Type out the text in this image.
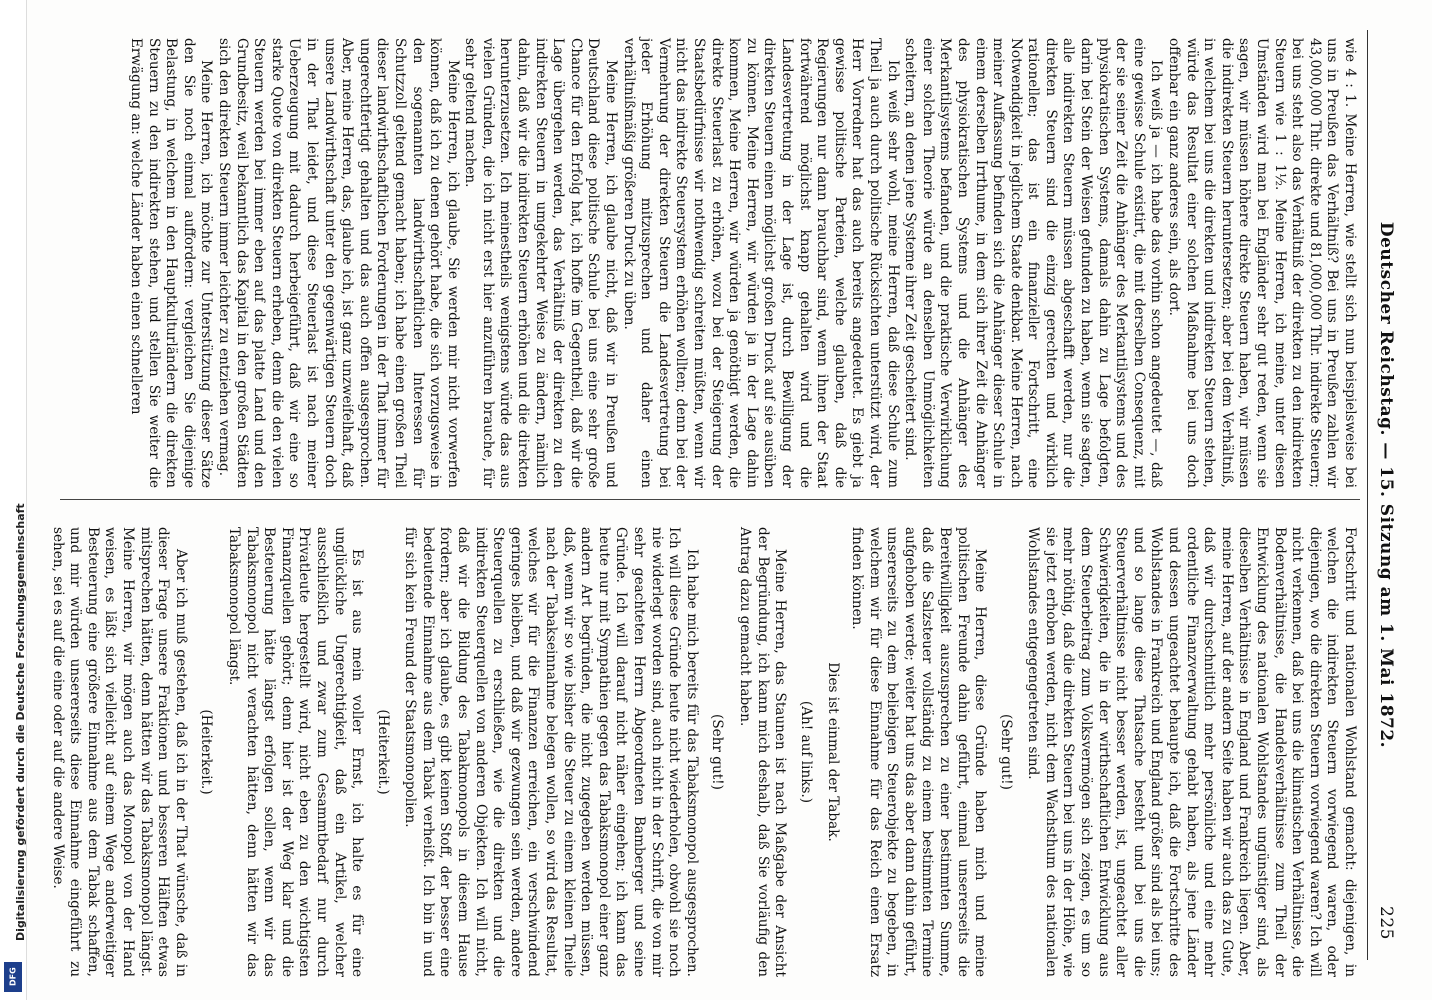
Deutscher Reichstag. — 15. Sitzung am 1. Mai 1872.
225

wie 4 : 1. Meine Herren, wie stellt sich nun beispielsweise bei uns in Preußen das Verhältniß? Bei uns in Preußen zahlen wir 43,000,000 Thlr. direkte und 81,000,000 Thlr. indirekte Steuern; bei uns steht also das Verhältniß der direkten zu den indirekten Steuern wie 1 : 1½. Meine Herren, ich meine, unter diesen Umständen wird man bei Engländer sehr gut reden, wenn sie sagen, wir müssen höhere direkte Steuern haben, wir müssen die indirekten Steuern heruntersetzen; aber bei dem Verhältniß, in welchem bei uns die direkten und indirekten Steuern stehen, würde das Resultat einer solchen Maßnahme bei uns doch offenbar ein ganz anderes sein, als dort.

Ich weiß ja — ich habe das vorhin schon angedeutet —, daß eine gewisse Schule existirt, die mit derselben Consequenz, mit der sie seiner Zeit die Anhänger des Merkantilsystems und des physiokratischen Systems, damals dahin zu Lage befolgten, darin bei Stein der Weisen gefunden zu haben, wenn sie sagten, alle indirekten Steuern müssen abgeschafft werden, nur die direkten Steuern sind die einzig gerechten und wirklich rationellen; das ist ein finanzieller Fortschritt, eine Notwendigkeit in jeglichem Staate denkbar. Meine Herren, nach meiner Auffassung befinden sich die Anhänger dieser Schule in einem derselben Irrthume, in dem sich ihrer Zeit die Anhänger des physiokratischen Systems und die Anhänger des Merkantilsystems befanden, und die praktische Verwirklichung einer solchen Theorie würde an denselben Unmöglichkeiten scheitern, an denen jene Systeme ihrer Zeit gescheitert sind.

Ich weiß sehr wohl, meine Herren, daß diese Schule zum Theil ja auch durch politische Rücksichten unterstützt wird, der Herr Vorredner hat das auch bereits angedeutet. Es giebt ja gewisse politische Parteien, welche glauben, daß die Regierungen nur dann brauchbar sind, wenn ihnen der Staat fortwährend möglichst knapp gehalten wird und die Landesvertretung in der Lage ist, durch Bewilligung der direkten Steuern einen möglichst großen Druck auf sie ausüben zu können. Meine Herren, wir würden ja in der Lage dahin kommen, Meine Herren, wir würden ja genöthigt werden, die direkte Steuerlast zu erhöhen, wozu bei der Steigerung der Staatsbedürfnisse wir nothwendig schreiten müßten, wenn wir nicht das indirekte Steuersystem erhöhen wollten; denn bei der Vermehrung der direkten Steuern die Landesvertretung bei jeder Erhöhung mitzusprechen und daher einen verhältnißmäßig größeren Druck zu üben.

Meine Herren, ich glaube nicht, daß wir in Preußen und Deutschland diese politische Schule bei uns eine sehr große Chance für den Erfolg hat, ich hoffe im Gegentheil, daß wir die Lage übergehen werden, das Verhältniß der direkten zu den indirekten Steuern in umgekehrter Weise zu ändern, nämlich dahin, daß wir die indirekten Steuern erhöhen und die direkten herunterzusetzen. Ich meinestheils wenigstens würde das aus vielen Gründen, die ich nicht erst hier anzuführen brauche, für sehr geltend machen.

Meine Herren, ich glaube, Sie werden mir nicht vorwerfen können, daß ich zu denen gehört habe, die sich vorzugsweise in den sogenannten landwirthschaftlichen Interessen für Schutzzoll geltend gemacht haben; ich habe einen großen Theil dieser landwirthschaftlichen Forderungen in der That immer für ungerechtfertigt gehalten und das auch offen ausgesprochen. Aber, meine Herren, das, glaube ich, ist ganz unzweifelhaft, daß unsere Landwirthschaft unter den gegenwärtigen Steuern doch in der That leidet, und diese Steuerlast ist nach meiner Ueberzeugung mit dadurch herbeigeführt, daß wir eine so starke Quote von direkten Steuern erheben, denn die den vielen Steuern werden bei immer eben auf das platte Land und den Grundbesitz, weil bekanntlich das Kapital in den großen Städten sich den direkten Steuern immer leichter zu entziehen vermag.

Meine Herren, ich möchte zur Unterstützung dieser Sätze den Sie noch einmal auffordern: vergleichen Sie diejenige Belastung, in welchem in den Hauptkulturländern die direkten Steuern zu den indirekten stehen, und stellen Sie weiter die Erwägung an: welche Länder haben einen schnelleren

Fortschritt und nationalen Wohlstand gemacht: diejenigen, in welchen die indirekten Steuern vorwiegend waren, oder diejenigen, wo die direkten Steuern vorwiegend waren? Ich will nicht verkennen, daß bei uns die klimatischen Verhältnisse, die Bodenverhältnisse, die Handelsverhältnisse zum Theil der Entwicklung des nationalen Wohlstandes ungünstiger sind, als dieselben Verhältnisse in England und Frankreich liegen. Aber, meine Herren, auf der andern Seite haben wir auch das zu Gute, daß wir durchschnittlich mehr persönliche und eine mehr ordentliche Finanzverwaltung gehabt haben, als jene Länder und dessen ungeachtet behaupte ich, daß die Fortschritte des Wohlstandes in Frankreich und England größer sind als bei uns; und so lange diese Thatsache besteht und bei uns die Steuerverhältnisse nicht besser werden, ist, ungeachtet aller Schwierigkeiten, die in der wirthschaftlichen Entwicklung aus dem Steuerbeitrag zum Volksvermögen sich zeigen, es um so mehr nöthig, daß die direkten Steuern bei uns in der Höhe, wie sie jetzt erhoben werden, nicht dem Wachsthum des nationalen Wohlstandes entgegengetreten sind.

(Sehr gut!)

Meine Herren, diese Gründe haben mich und meine politischen Freunde dahin geführt, einmal unsererseits die Bereitwilligkeit auszusprechen zu einer bestimmten Summe, daß die Salzsteuer vollständig zu einem bestimmten Termine aufgehoben werde; weiter hat uns das aber dann dahin geführt, unsererseits zu dem beliebigen Steuerobjekte zu begeben, in welchem wir für diese Einnahme für das Reich einen Ersatz finden können.

Dies ist einmal der Tabak.

(Ah! auf links.)

Meine Herren, das Staunen ist nach Maßgabe der Ansicht der Begründung, ich kann mich deshalb, daß Sie vorläufig den Antrag dazu gemacht haben.

(Sehr gut!)

Ich habe mich bereits für das Tabaksmonopol ausgesprochen. Ich will diese Gründe heute nicht wiederholen, obwohl sie noch nie widerlegt worden sind, auch nicht in der Schrift, die von mir sehr geachteten Herrn Abgeordneten Bamberger und seine Gründe. Ich will darauf nicht näher eingehen; ich kann das heute nur mit Sympathien gegen das Tabaksmonopol einer ganz andern Art begründen, die nicht zugegeben werden müssen, daß, wenn wir so wie bisher die Steuer zu einem kleinen Theile nach der Tabakseinnahme belegen wollen, so wird das Resultat, welches wir für die Finanzen erreichen, ein verschwindend geringes bleiben, und daß wir gezwungen sein werden, andere Steuerquellen zu erschließen, wie die direkten und die indirekten Steuerquellen von anderen Objekten. Ich will nicht, daß wir die Bildung des Tabakmonopols in diesem Hause fordern; aber ich glaube, es gibt keinen Stoff, der besser eine bedeutende Einnahme aus dem Tabak verheißt. Ich bin in und für sich kein Freund der Staatsmonopolien.

(Heiterkeit.)

Es ist aus mein voller Ernst, ich halte es für eine unglückliche Ungerechtigkeit, daß ein Artikel, welcher ausschließlich und zwar zum Gesammtbedarf nur durch Privatleute hergestellt wird, nicht eben zu den wichtigsten Finanzquellen gehört; denn hier ist der Weg klar und die Besteuerung hätte längst erfolgen sollen, wenn wir das Tabaksmonopol nicht verachten hätten, denn hätten wir das Tabaksmonopol längst.

(Heiterkeit.)

Aber ich muß gestehen, daß ich in der That wünsche, daß in dieser Frage unsere Fraktionen und besseren Hälften etwas mitsprechen hätten, denn hätten wir das Tabaksmonopol längst. Meine Herren, wir mögen auch das Monopol von der Hand weisen, es läßt sich vielleicht auf einem Wege anderweitiger Besteuerung eine größere Einnahme aus dem Tabak schaffen, und mir würden unsererseits diese Einnahme eingeführt zu sehen, sei es auf die eine oder auf die andere Weise.

Digitalisierung gefördert durch die Deutsche Forschungsgemeinschaft
DFG
